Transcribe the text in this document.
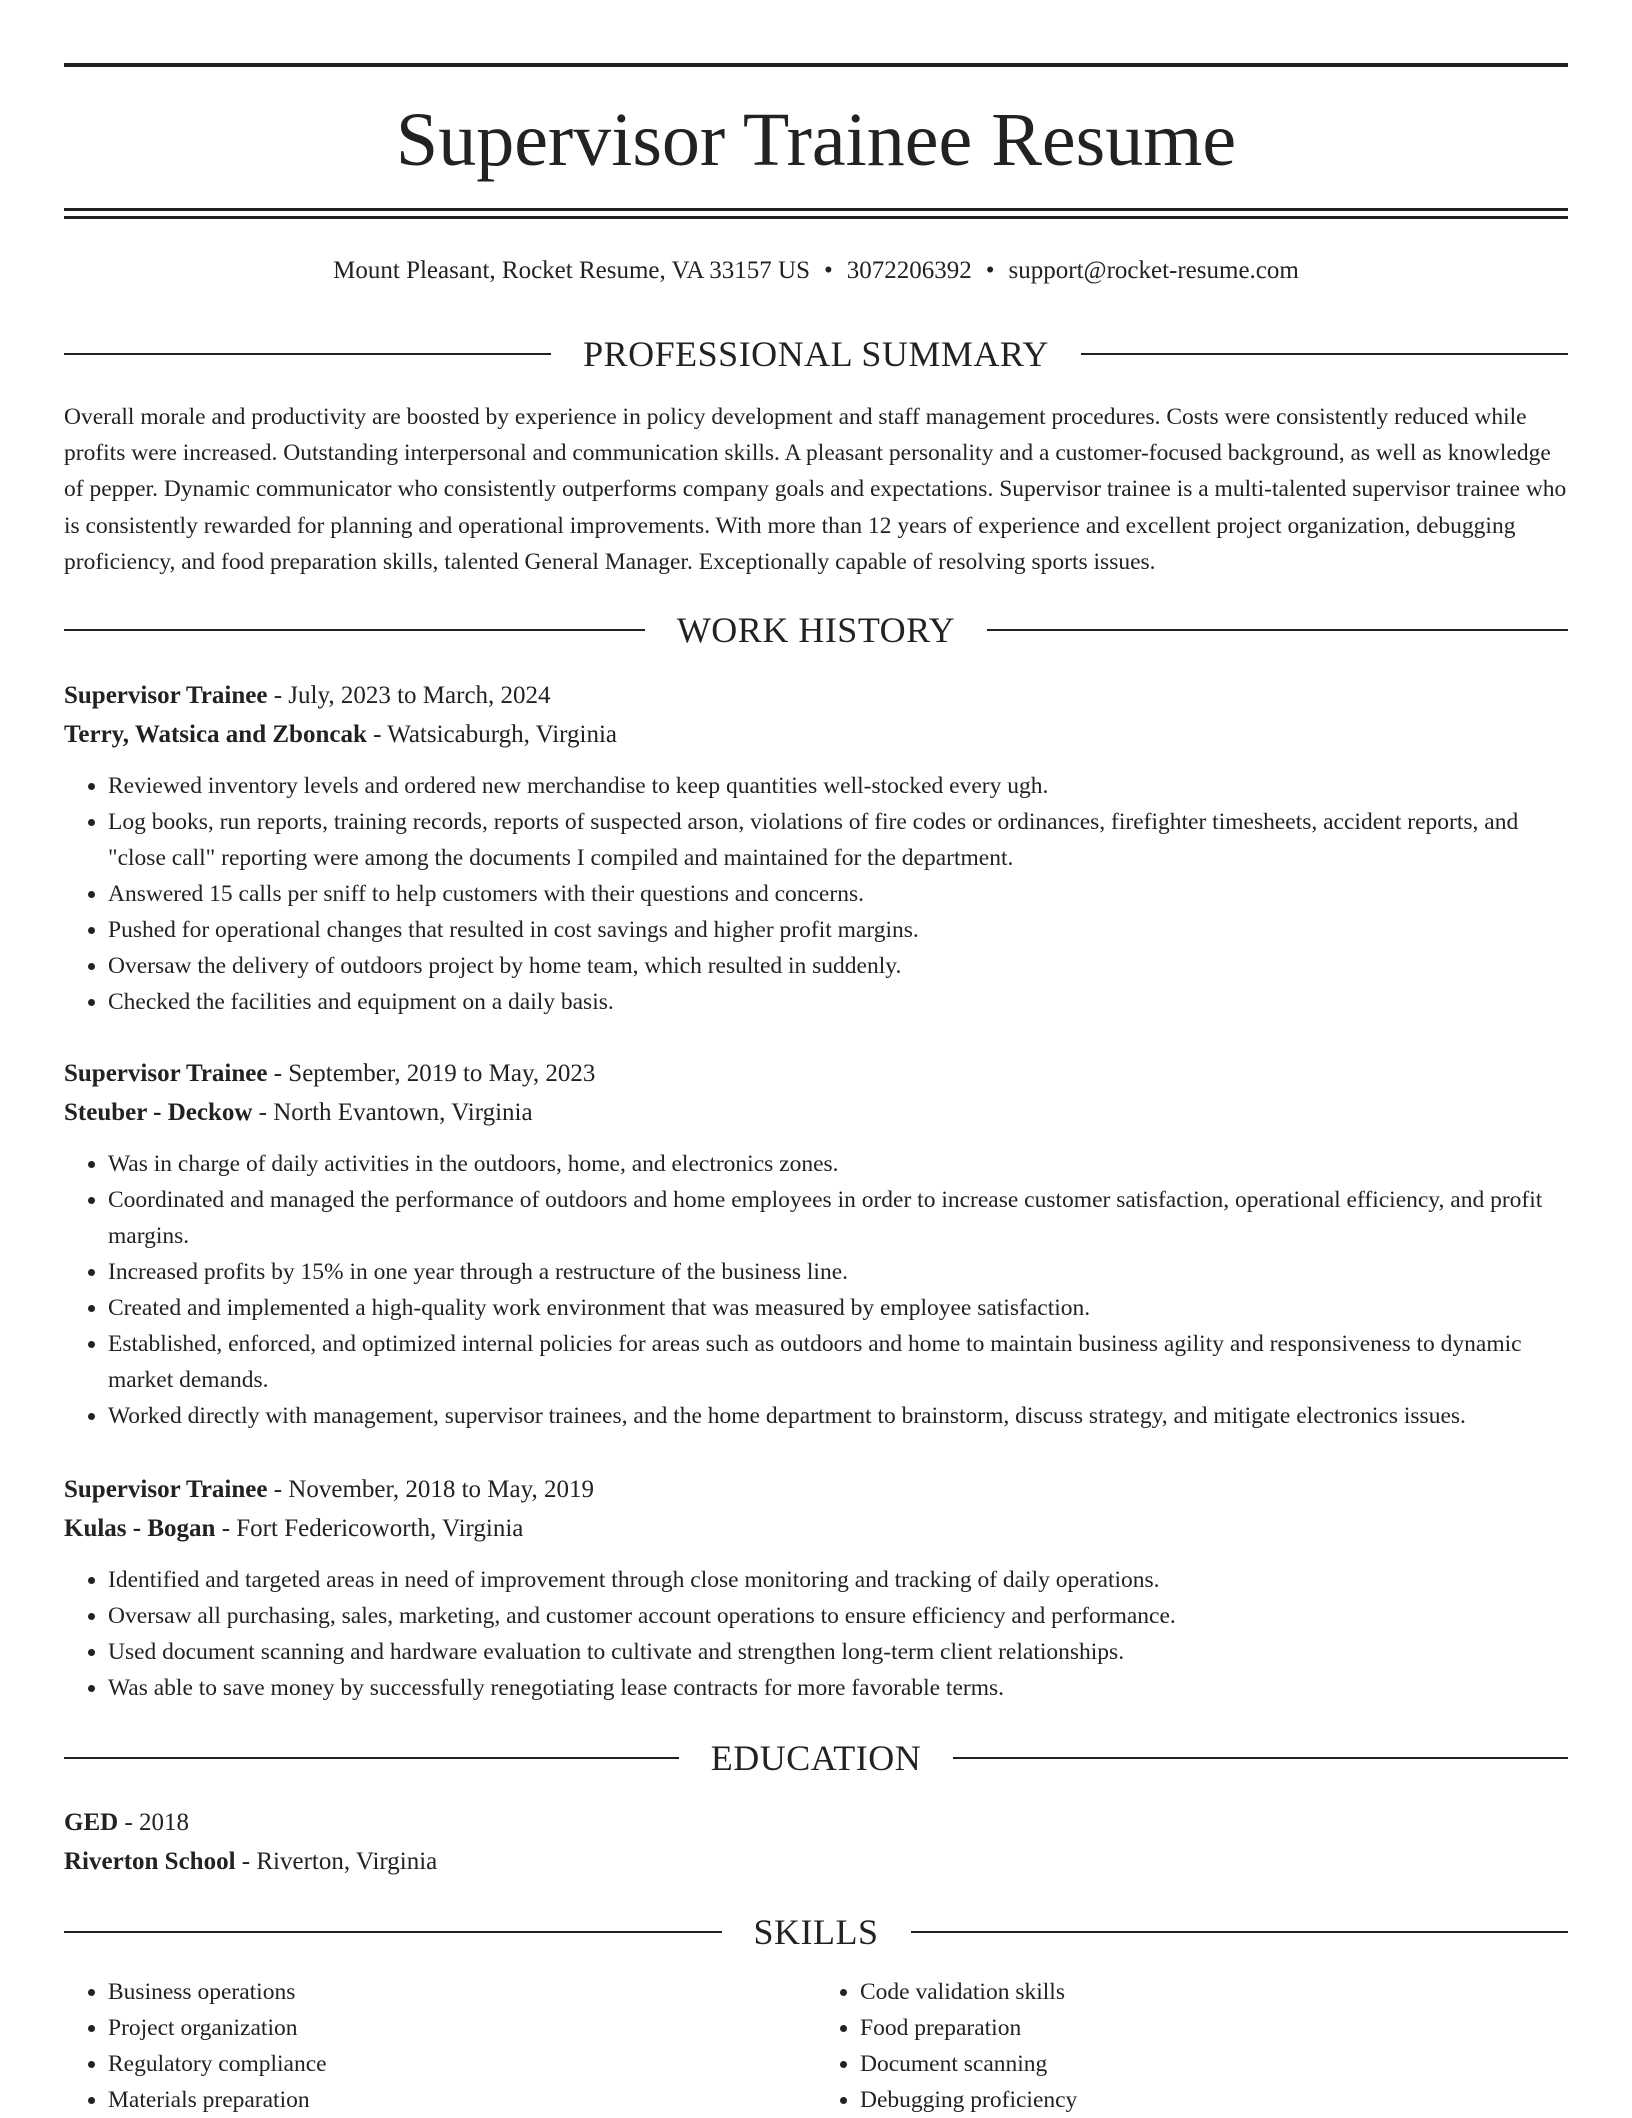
Supervisor Trainee Resume
Mount Pleasant, Rocket Resume, VA 33157 US • 3072206392 • support@rocket-resume.com
PROFESSIONAL SUMMARY

Overall morale and productivity are boosted by experience in policy development and staff management procedures. Costs were consistently reduced while profits were increased. Outstanding interpersonal and communication skills. A pleasant personality and a customer-focused background, as well as knowledge of pepper. Dynamic communicator who consistently outperforms company goals and expectations. Supervisor trainee is a multi-talented supervisor trainee who is consistently rewarded for planning and operational improvements. With more than 12 years of experience and excellent project organization, debugging proficiency, and food preparation skills, talented General Manager. Exceptionally capable of resolving sports issues.

WORK HISTORY
Supervisor Trainee - July, 2023 to March, 2024
Terry, Watsica and Zboncak - Watsicaburgh, Virginia
• Reviewed inventory levels and ordered new merchandise to keep quantities well-stocked every ugh.
• Log books, run reports, training records, reports of suspected arson, violations of fire codes or ordinances, firefighter timesheets, accident reports, and "close call" reporting were among the documents I compiled and maintained for the department.
• Answered 15 calls per sniff to help customers with their questions and concerns.
• Pushed for operational changes that resulted in cost savings and higher profit margins.
• Oversaw the delivery of outdoors project by home team, which resulted in suddenly.
• Checked the facilities and equipment on a daily basis.
Supervisor Trainee - September, 2019 to May, 2023
Steuber - Deckow - North Evantown, Virginia
• Was in charge of daily activities in the outdoors, home, and electronics zones.
• Coordinated and managed the performance of outdoors and home employees in order to increase customer satisfaction, operational efficiency, and profit margins.
• Increased profits by 15% in one year through a restructure of the business line.
• Created and implemented a high-quality work environment that was measured by employee satisfaction.
• Established, enforced, and optimized internal policies for areas such as outdoors and home to maintain business agility and responsiveness to dynamic market demands.
• Worked directly with management, supervisor trainees, and the home department to brainstorm, discuss strategy, and mitigate electronics issues.
Supervisor Trainee - November, 2018 to May, 2019
Kulas - Bogan - Fort Federicoworth, Virginia
• Identified and targeted areas in need of improvement through close monitoring and tracking of daily operations.
• Oversaw all purchasing, sales, marketing, and customer account operations to ensure efficiency and performance.
• Used document scanning and hardware evaluation to cultivate and strengthen long-term client relationships.
• Was able to save money by successfully renegotiating lease contracts for more favorable terms.
EDUCATION
GED - 2018
Riverton School - Riverton, Virginia
SKILLS
• Business operations
• Project organization
• Regulatory compliance
• Materials preparation
• Code validation skills
• Food preparation
• Document scanning
• Debugging proficiency
